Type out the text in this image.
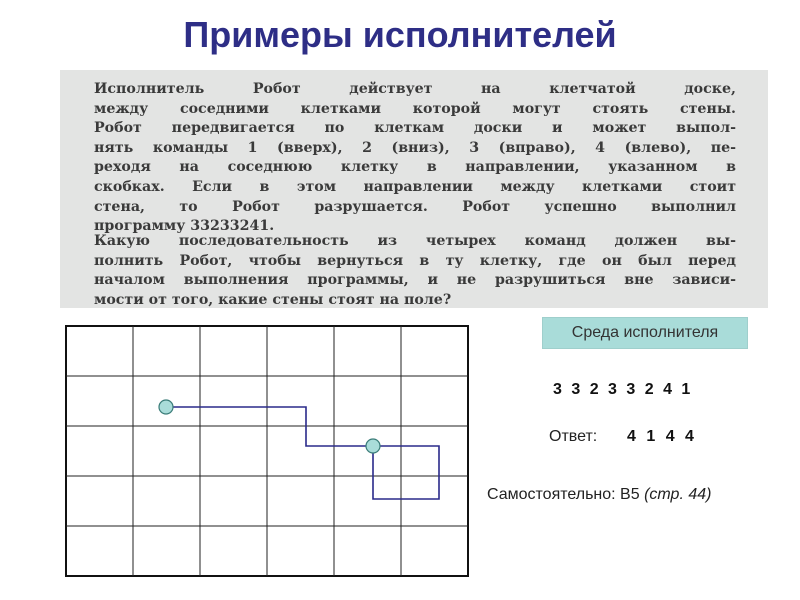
Примеры исполнителей

Исполнитель Робот действует на клетчатой доске,
между соседними клетками которой могут стоять стены.
Робот передвигается по клеткам доски и может выпол-
нять команды 1 (вверх), 2 (вниз), 3 (вправо), 4 (влево), пе-
реходя на соседнюю клетку в направлении, указанном в
скобках. Если в этом направлении между клетками стоит
стена, то Робот разрушается. Робот успешно выполнил
программу 33233241.

Какую последовательность из четырех команд должен вы-
полнить Робот, чтобы вернуться в ту клетку, где он был перед
началом выполнения программы, и не разрушиться вне зависи-
мости от того, какие стены стоят на поле?

Среда исполнителя
3 3 2 3 3 2 4 1
Ответ: 4 1 4 4
Самостоятельно: В5 (стр. 44)
